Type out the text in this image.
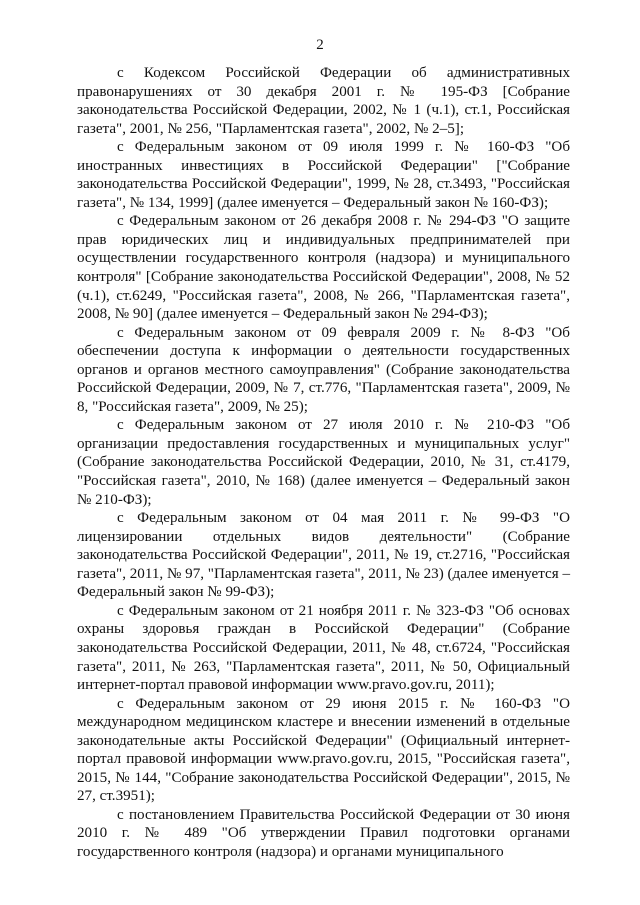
2

с Кодексом Российской Федерации об административных правонарушениях от 30 декабря 2001 г. № 195-ФЗ [Собрание законодательства Российской Федерации, 2002, № 1 (ч.1), ст.1, Российская газета", 2001, № 256, "Парламентская газета", 2002, № 2–5];

с Федеральным законом от 09 июля 1999 г. № 160-ФЗ "Об иностранных инвестициях в Российской Федерации" ["Собрание законодательства Российской Федерации", 1999, № 28, ст.3493, "Российская газета", № 134, 1999] (далее именуется – Федеральный закон № 160-ФЗ);

с Федеральным законом от 26 декабря 2008 г. № 294-ФЗ "О защите прав юридических лиц и индивидуальных предпринимателей при осуществлении государственного контроля (надзора) и муниципального контроля" [Собрание законодательства Российской Федерации", 2008, № 52 (ч.1), ст.6249, "Российская газета", 2008, № 266, "Парламентская газета", 2008, № 90] (далее именуется – Федеральный закон № 294-ФЗ);

с Федеральным законом от 09 февраля 2009 г. № 8-ФЗ "Об обеспечении доступа к информации о деятельности государственных органов и органов местного самоуправления" (Собрание законодательства Российской Федерации, 2009, № 7, ст.776, "Парламентская газета", 2009, № 8, "Российская газета", 2009, № 25);

с Федеральным законом от 27 июля 2010 г. № 210-ФЗ "Об организации предоставления государственных и муниципальных услуг" (Собрание законодательства Российской Федерации, 2010, № 31, ст.4179, "Российская газета", 2010, № 168) (далее именуется – Федеральный закон № 210-ФЗ);

с Федеральным законом от 04 мая 2011 г. № 99-ФЗ "О лицензировании отдельных видов деятельности" (Собрание законодательства Российской Федерации", 2011, № 19, ст.2716, "Российская газета", 2011, № 97, "Парламентская газета", 2011, № 23) (далее именуется – Федеральный закон № 99-ФЗ);

с Федеральным законом от 21 ноября 2011 г. № 323-ФЗ "Об основах охраны здоровья граждан в Российской Федерации" (Собрание законодательства Российской Федерации, 2011, № 48, ст.6724, "Российская газета", 2011, № 263, "Парламентская газета", 2011, № 50, Официальный интернет-портал правовой информации www.pravo.gov.ru, 2011);

с Федеральным законом от 29 июня 2015 г. № 160-ФЗ "О международном медицинском кластере и внесении изменений в отдельные законодательные акты Российской Федерации" (Официальный интернет-портал правовой информации www.pravo.gov.ru, 2015, "Российская газета", 2015, № 144, "Собрание законодательства Российской Федерации", 2015, № 27, ст.3951);

с постановлением Правительства Российской Федерации от 30 июня 2010 г. № 489 "Об утверждении Правил подготовки органами государственного контроля (надзора) и органами муниципального
